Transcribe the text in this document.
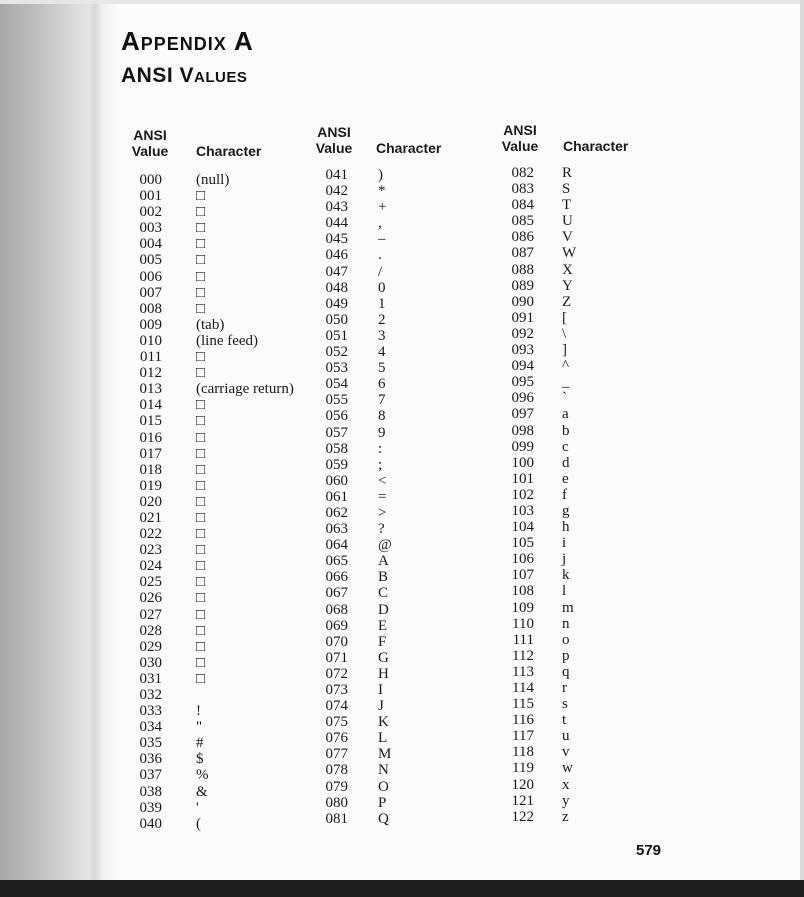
Appendix A
ANSI Values
ANSI
Value Character
ANSI
Value Character
ANSI
Value Character
000 (null)
001 □
002 □
003 □
004 □
005 □
006 □
007 □
008 □
009 (tab)
010 (line feed)
011 □
012 □
013 (carriage return)
014 □
015 □
016 □
017 □
018 □
019 □
020 □
021 □
022 □
023 □
024 □
025 □
026 □
027 □
028 □
029 □
030 □
031 □
032
033 !
034 "
035 #
036 $
037 %
038 &
039 '
040 (
041 )
042 *
043 +
044 ,
045 –
046 .
047 /
048 0
049 1
050 2
051 3
052 4
053 5
054 6
055 7
056 8
057 9
058 :
059 ;
060 <
061 =
062 >
063 ?
064 @
065 A
066 B
067 C
068 D
069 E
070 F
071 G
072 H
073 I
074 J
075 K
076 L
077 M
078 N
079 O
080 P
081 Q
082 R
083 S
084 T
085 U
086 V
087 W
088 X
089 Y
090 Z
091 [
092 \
093 ]
094 ^
095 _
096 `
097 a
098 b
099 c
100 d
101 e
102 f
103 g
104 h
105 i
106 j
107 k
108 l
109 m
110 n
111 o
112 p
113 q
114 r
115 s
116 t
117 u
118 v
119 w
120 x
121 y
122 z
579
